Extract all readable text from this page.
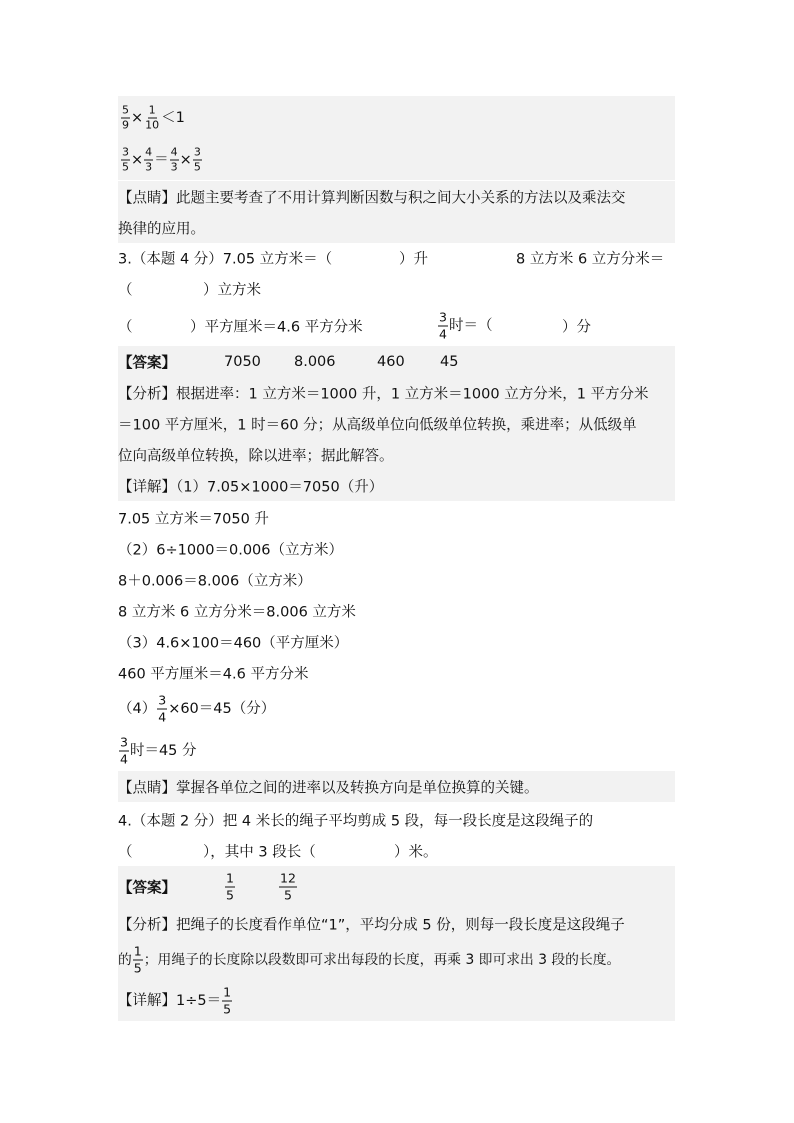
$\frac{5}{9} \times \frac{1}{10} <1$
$\frac{3}{5} \times \frac{4}{3} = \frac{4}{3} \times \frac{3}{5}$
【点睛】此题主要考查了不用计算判断因数与积之间大小关系的方法以及乘法交
换律的应用。
3.（本题 4 分）7.05 立方米＝（	）升	8 立方米 6 立方分米＝
（	）立方米
（	）平方厘米＝4.6 平方分米	$\frac{3}{4}$ 时＝（	）分
【答案】	7050 8.006	460 45
【分析】根据进率：1 立方米＝1000 升，1 立方米＝1000 立方分米，1 平方分米
＝100 平方厘米，1 时＝60 分；从高级单位向低级单位转换，乘进率；从低级单
位向高级单位转换，除以进率；据此解答。
【详解】（1）7.05×1000＝7050（升）
7.05 立方米＝7050 升
（2）6÷1000＝0.006（立方米）
8＋0.006＝8.006（立方米）
8 立方米 6 立方分米＝8.006 立方米
（3）4.6×100＝460（平方厘米）
460 平方厘米＝4.6 平方分米
$(4) \frac{3}{4} \times 60=45$（分）
$\frac{3}{4}$ 时＝45 分
【点睛】掌握各单位之间的进率以及转换方向是单位换算的关键。
4.（本题 2 分）把 4 米长的绳子平均剪成 5 段，每一段长度是这段绳子的
（	），其中 3 段长（	）米。
【答案】	$\frac{1}{5}$	$\frac{12}{5}$
【分析】把绳子的长度看作单位“1”，平均分成 5 份，则每一段长度是这段绳子
的 $\frac{1}{5}$ ；用绳子的长度除以段数即可求出每段的长度，再乘 3 即可求出 3 段的长度。
【详解】$1\div 5= \frac{1}{5}$
